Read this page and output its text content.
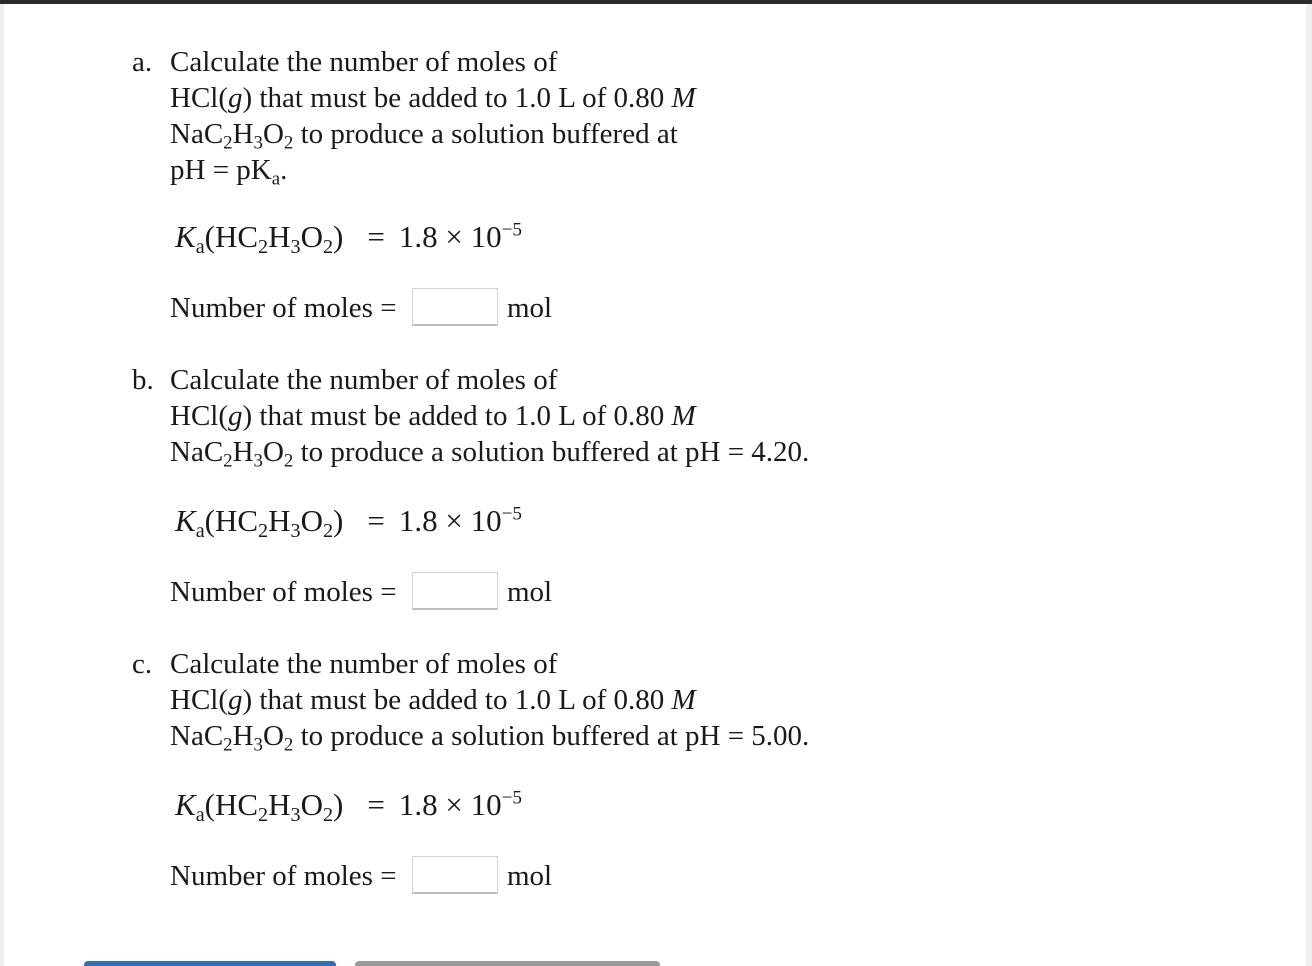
a. Calculate the number of moles of
HCl(g) that must be added to 1.0 L of 0.80 M
$NaC_2H_3O_2$ to produce a solution buffered at
pH = $pK_a$.
$K_a(HC_2H_3O_2) = 1.8 \times 10^{-5}$
Number of moles =	mol
b. Calculate the number of moles of
HCl(g) that must be added to 1.0 L of 0.80 M
$NaC_2H_3O_2$ to produce a solution buffered at pH = 4.20.
$K_a(HC_2H_3O_2) = 1.8 \times 10^{-5}$
Number of moles =	mol
c. Calculate the number of moles of
HCl(g) that must be added to 1.0 L of 0.80 M
$NaC_2H_3O_2$ to produce a solution buffered at pH = 5.00.
$K_a(HC_2H_3O_2) = 1.8 \times 10^{-5}$
Number of moles =	mol
